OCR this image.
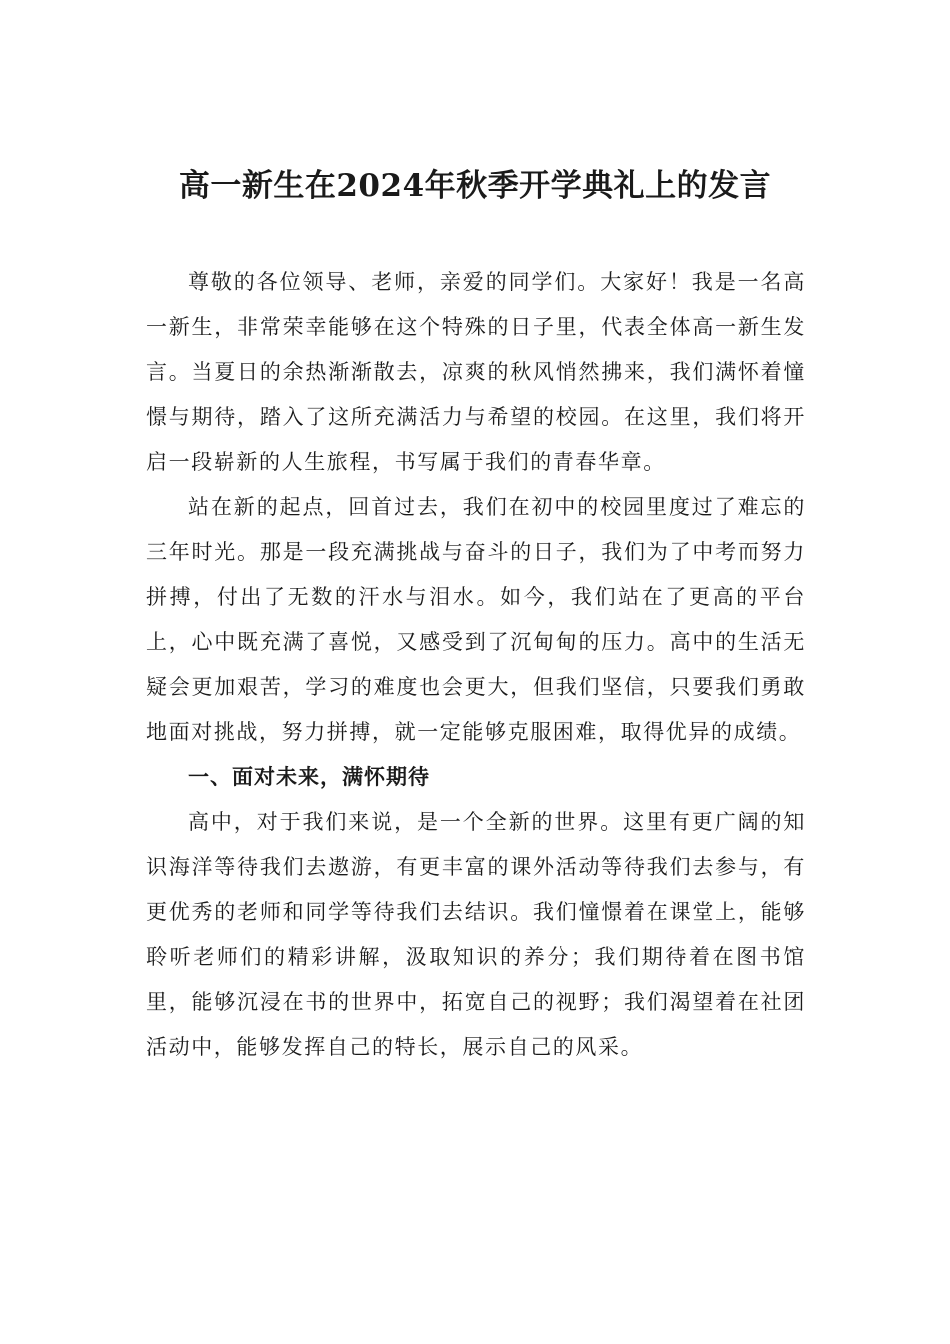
高一新生在2024年秋季开学典礼上的发言

尊敬的各位领导、老师，亲爱的同学们。大家好！我是一名高一新生，非常荣幸能够在这个特殊的日子里，代表全体高一新生发言。当夏日的余热渐渐散去，凉爽的秋风悄然拂来，我们满怀着憧憬与期待，踏入了这所充满活力与希望的校园。在这里，我们将开启一段崭新的人生旅程，书写属于我们的青春华章。

站在新的起点，回首过去，我们在初中的校园里度过了难忘的三年时光。那是一段充满挑战与奋斗的日子，我们为了中考而努力拼搏，付出了无数的汗水与泪水。如今，我们站在了更高的平台上，心中既充满了喜悦，又感受到了沉甸甸的压力。高中的生活无疑会更加艰苦，学习的难度也会更大，但我们坚信，只要我们勇敢地面对挑战，努力拼搏，就一定能够克服困难，取得优异的成绩。

一、面对未来，满怀期待

高中，对于我们来说，是一个全新的世界。这里有更广阔的知识海洋等待我们去遨游，有更丰富的课外活动等待我们去参与，有更优秀的老师和同学等待我们去结识。我们憧憬着在课堂上，能够聆听老师们的精彩讲解，汲取知识的养分；我们期待着在图书馆里，能够沉浸在书的世界中，拓宽自己的视野；我们渴望着在社团活动中，能够发挥自己的特长，展示自己的风采。
